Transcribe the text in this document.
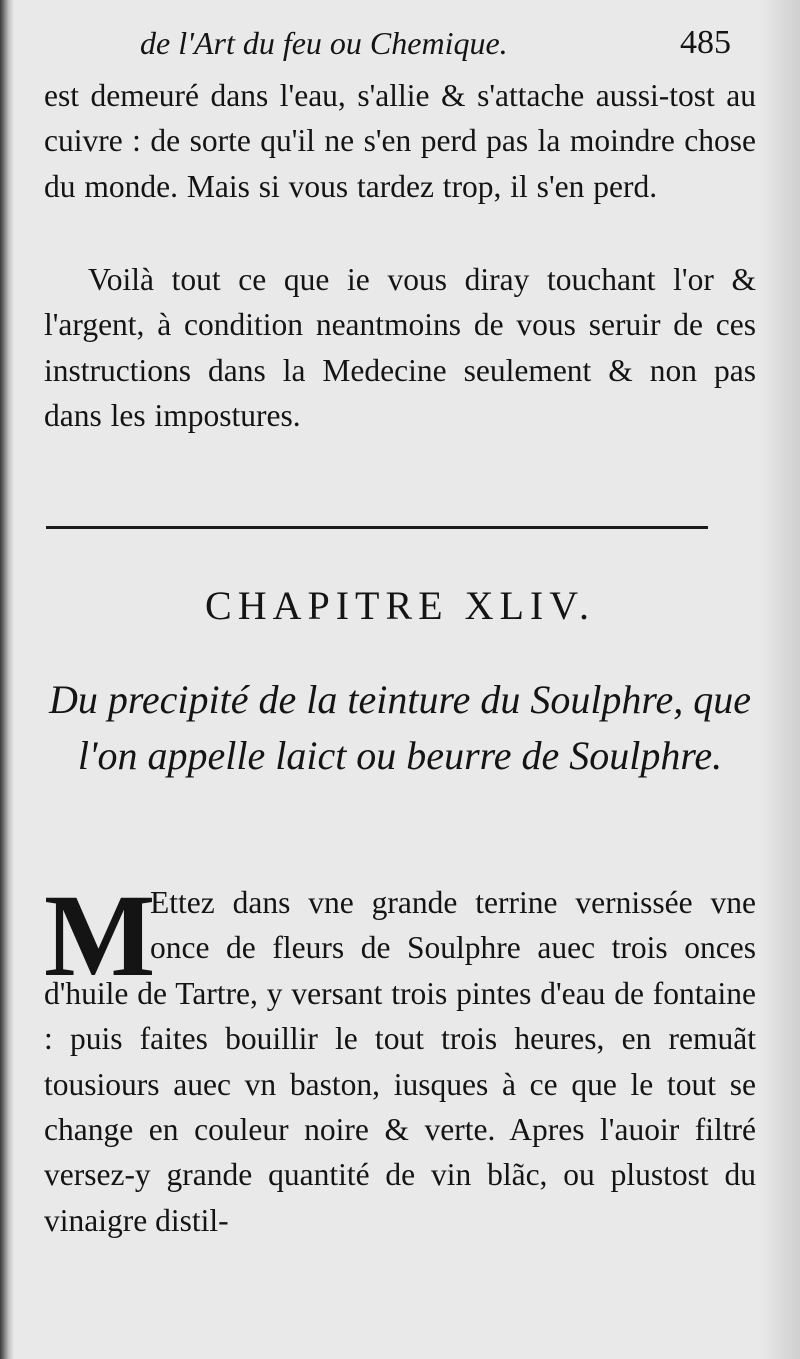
de l'Art du feu ou Chemique.	485

est demeuré dans l'eau, s'allie & s'attache aussi-tost au cuivre : de sorte qu'il ne s'en perd pas la moindre chose du monde. Mais si vous tardez trop, il s'en perd.

Voilà tout ce que ie vous diray touchant l'or & l'argent, à condition neantmoins de vous seruir de ces instructions dans la Medecine seulement & non pas dans les impostures.

CHAPITRE XLIV.

Du precipité de la teinture du Soulphre, que l'on appelle laict ou beurre de Soulphre.

M

Ettez dans vne grande terrine vernissée vne once de fleurs de Soulphre auec trois onces d'huile de Tartre, y versant trois pintes d'eau de fontaine : puis faites bouillir le tout trois heures, en remuãt tousiours auec vn baston, iusques à ce que le tout se change en couleur noire & verte. Apres l'auoir filtré versez-y grande quantité de vin blãc, ou plustost du vinaigre distil-
